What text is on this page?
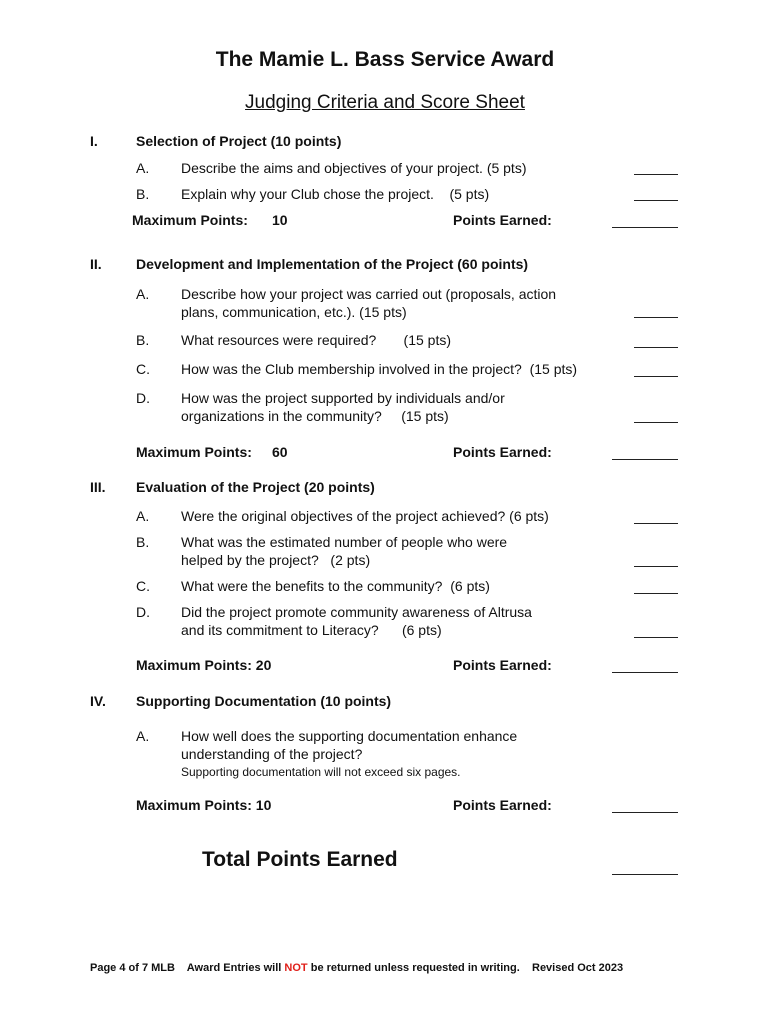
The Mamie L. Bass Service Award
Judging Criteria and Score Sheet
I.	Selection of Project (10 points)
A. Describe the aims and objectives of your project. (5 pts)
B. Explain why your Club chose the project.    (5 pts)
Maximum Points: 10	Points Earned:
II. Development and Implementation of the Project (60 points)
A. Describe how your project was carried out (proposals, action
plans, communication, etc.). (15 pts)
B. What resources were required?       (15 pts)
C. How was the Club membership involved in the project?  (15 pts)
D. How was the project supported by individuals and/or
organizations in the community?     (15 pts)
Maximum Points: 60	Points Earned:
III. Evaluation of the Project (20 points)
A. Were the original objectives of the project achieved? (6 pts)
B. What was the estimated number of people who were
helped by the project?   (2 pts)
C. What were the benefits to the community?  (6 pts)
D. Did the project promote community awareness of Altrusa
and its commitment to Literacy?      (6 pts)
Maximum Points: 20	Points Earned:
IV. Supporting Documentation (10 points)
A. How well does the supporting documentation enhance
understanding of the project?
Supporting documentation will not exceed six pages.
Maximum Points: 10	Points Earned:
Total Points Earned
Page 4 of 7 MLB Award Entries will NOT be returned unless requested in writing. Revised Oct 2023
